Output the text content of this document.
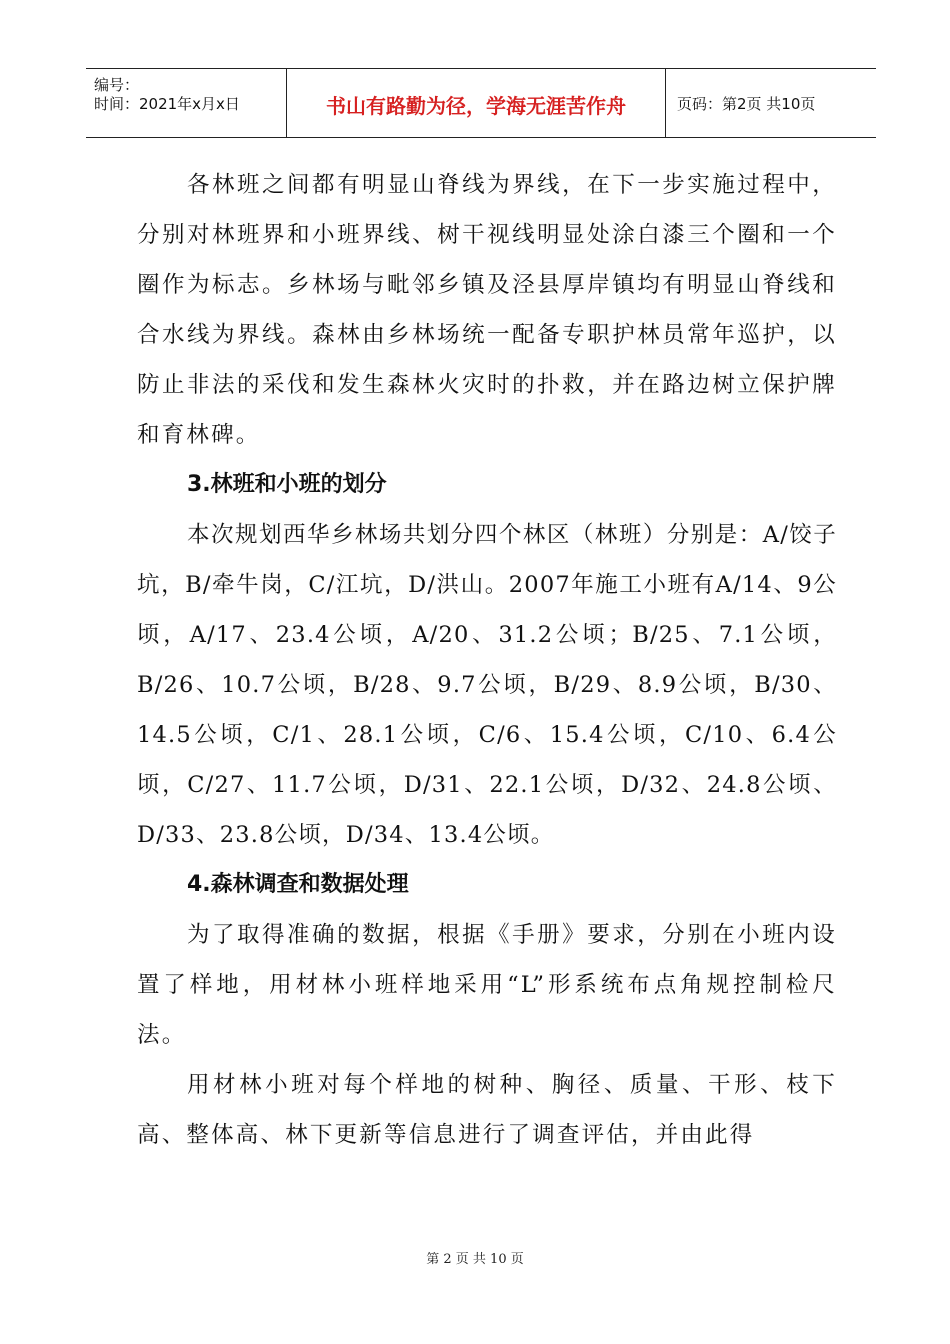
编号：
时间：2021年x月x日	书山有路勤为径，学海无涯苦作舟	页码：第2页 共10页

各林班之间都有明显山脊线为界线，在下一步实施过程中，分别对林班界和小班界线、树干视线明显处涂白漆三个圈和一个圈作为标志。乡林场与毗邻乡镇及泾县厚岸镇均有明显山脊线和合水线为界线。森林由乡林场统一配备专职护林员常年巡护，以防止非法的采伐和发生森林火灾时的扑救，并在路边树立保护牌和育林碑。

3.林班和小班的划分

本次规划西华乡林场共划分四个林区（林班）分别是：A/饺子坑，B/牵牛岗，C/江坑，D/洪山。2007年施工小班有A/14、9公顷，A/17、23.4公顷，A/20、31.2公顷；B/25、7.1公顷，B/26、10.7公顷，B/28、9.7公顷，B/29、8.9公顷，B/30、14.5公顷，C/1、28.1公顷，C/6、15.4公顷，C/10、6.4公顷，C/27、11.7公顷，D/31、22.1公顷，D/32、24.8公顷、D/33、23.8公顷，D/34、13.4公顷。

4.森林调查和数据处理

为了取得准确的数据，根据《手册》要求，分别在小班内设置了样地，用材林小班样地采用“L”形系统布点角规控制检尺法。

用材林小班对每个样地的树种、胸径、质量、干形、枝下高、整体高、林下更新等信息进行了调查评估，并由此得

第 2 页 共 10 页
